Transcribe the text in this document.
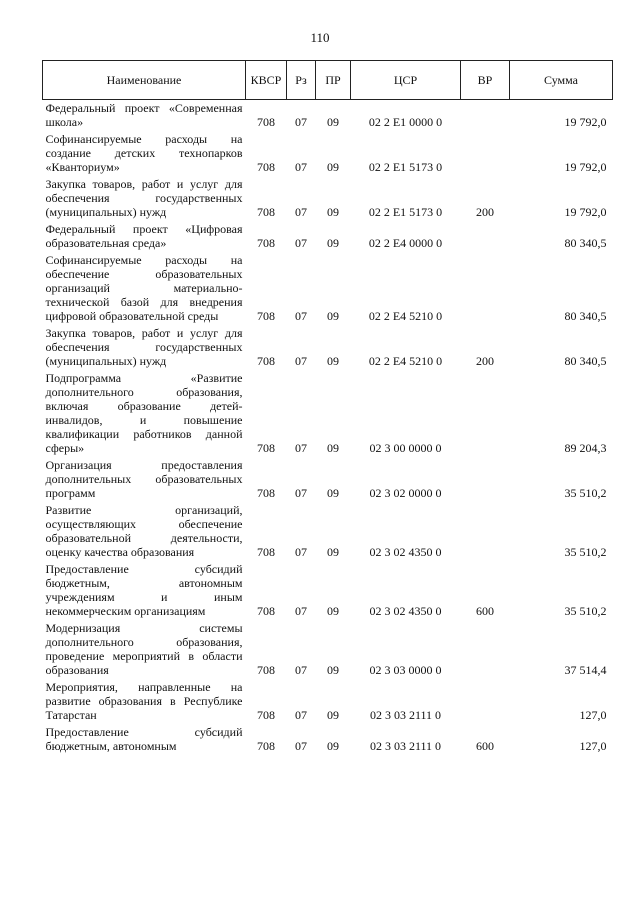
110
Наименование	КВСР	Рз	ПР	ЦСР	ВР	Сумма
Федеральный проект «Современная школа»	708	07	09	02 2 E1 0000 0		19 792,0
Софинансируемые расходы на создание детских технопарков «Кванториум»	708	07	09	02 2 E1 5173 0		19 792,0
Закупка товаров, работ и услуг для обеспечения государственных (муниципальных) нужд	708	07	09	02 2 E1 5173 0	200	19 792,0
Федеральный проект «Цифровая образовательная среда»	708	07	09	02 2 E4 0000 0		80 340,5
Софинансируемые расходы на обеспечение образовательных организаций материально-технической базой для внедрения цифровой образовательной среды	708	07	09	02 2 E4 5210 0		80 340,5
Закупка товаров, работ и услуг для обеспечения государственных (муниципальных) нужд	708	07	09	02 2 E4 5210 0	200	80 340,5
Подпрограмма «Развитие дополнительного образования, включая образование детей-инвалидов, и повышение квалификации работников данной сферы»	708	07	09	02 3 00 0000 0		89 204,3
Организация предоставления дополнительных образовательных программ	708	07	09	02 3 02 0000 0		35 510,2
Развитие организаций, осуществляющих обеспечение образовательной деятельности, оценку качества образования	708	07	09	02 3 02 4350 0		35 510,2
Предоставление субсидий бюджетным, автономным учреждениям и иным некоммерческим организациям	708	07	09	02 3 02 4350 0	600	35 510,2
Модернизация системы дополнительного образования, проведение мероприятий в области образования	708	07	09	02 3 03 0000 0		37 514,4
Мероприятия, направленные на развитие образования в Республике Татарстан	708	07	09	02 3 03 2111 0		127,0
Предоставление субсидий бюджетным, автономным	708	07	09	02 3 03 2111 0	600	127,0
